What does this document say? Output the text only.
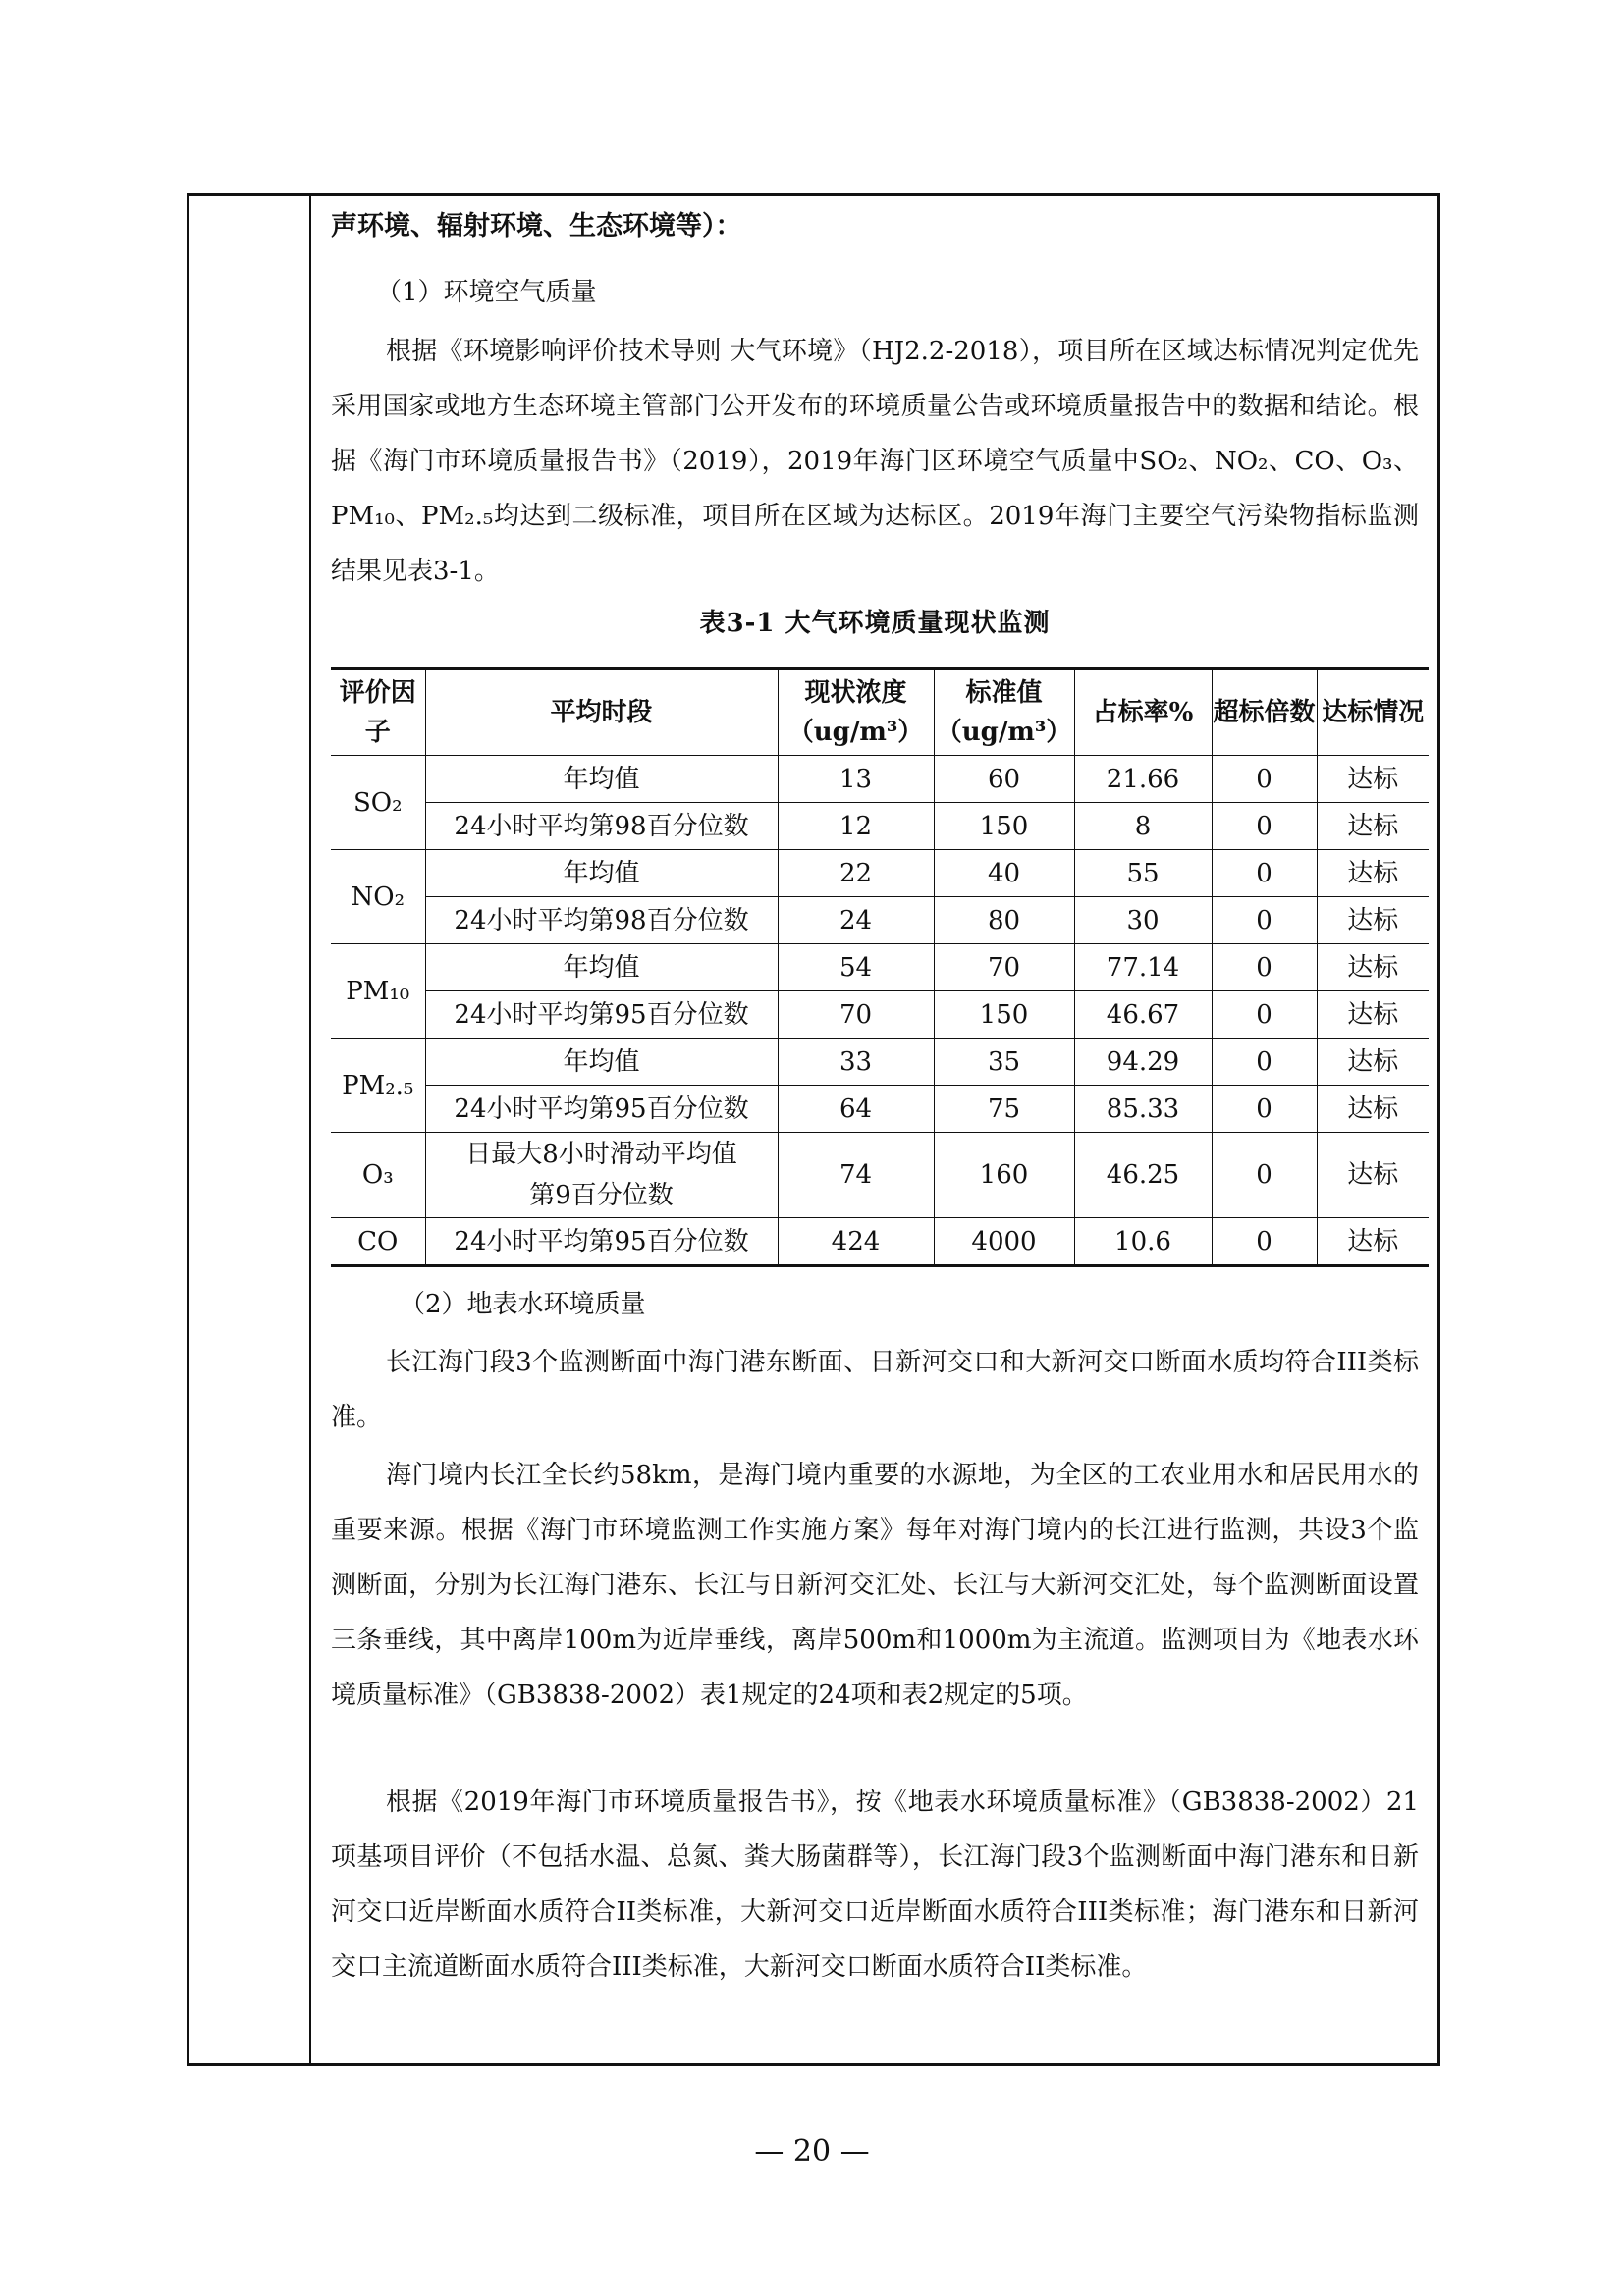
声环境、辐射环境、生态环境等）：

（1）环境空气质量

根据《环境影响评价技术导则 大气环境》（HJ2.2-2018），项目所在区域达标情况判定优先采用国家或地方生态环境主管部门公开发布的环境质量公告或环境质量报告中的数据和结论。根据《海门市环境质量报告书》（2019），2019年海门区环境空气质量中SO₂、NO₂、CO、O₃、PM₁₀、PM₂.₅均达到二级标准，项目所在区域为达标区。2019年海门主要空气污染物指标监测结果见表3-1。

表3-1 大气环境质量现状监测
评价因子	平均时段	现状浓度（ug/m³）	标准值（ug/m³）	占标率%	超标倍数	达标情况
SO₂	年均值	13	60	21.66	0	达标
	24小时平均第98百分位数	12	150	8	0	达标
NO₂	年均值	22	40	55	0	达标
	24小时平均第98百分位数	24	80	30	0	达标
PM₁₀	年均值	54	70	77.14	0	达标
	24小时平均第95百分位数	70	150	46.67	0	达标
PM₂.₅	年均值	33	35	94.29	0	达标
	24小时平均第95百分位数	64	75	85.33	0	达标
O₃	日最大8小时滑动平均值第9百分位数	74	160	46.25	0	达标
CO	24小时平均第95百分位数	424	4000	10.6	0	达标

（2）地表水环境质量

长江海门段3个监测断面中海门港东断面、日新河交口和大新河交口断面水质均符合III类标准。

海门境内长江全长约58km，是海门境内重要的水源地，为全区的工农业用水和居民用水的重要来源。根据《海门市环境监测工作实施方案》每年对海门境内的长江进行监测，共设3个监测断面，分别为长江海门港东、长江与日新河交汇处、长江与大新河交汇处，每个监测断面设置三条垂线，其中离岸100m为近岸垂线，离岸500m和1000m为主流道。监测项目为《地表水环境质量标准》（GB3838-2002）表1规定的24项和表2规定的5项。

根据《2019年海门市环境质量报告书》，按《地表水环境质量标准》（GB3838-2002）21项基项目评价（不包括水温、总氮、粪大肠菌群等），长江海门段3个监测断面中海门港东和日新河交口近岸断面水质符合II类标准，大新河交口近岸断面水质符合III类标准；海门港东和日新河交口主流道断面水质符合III类标准，大新河交口断面水质符合II类标准。

— 20 —
